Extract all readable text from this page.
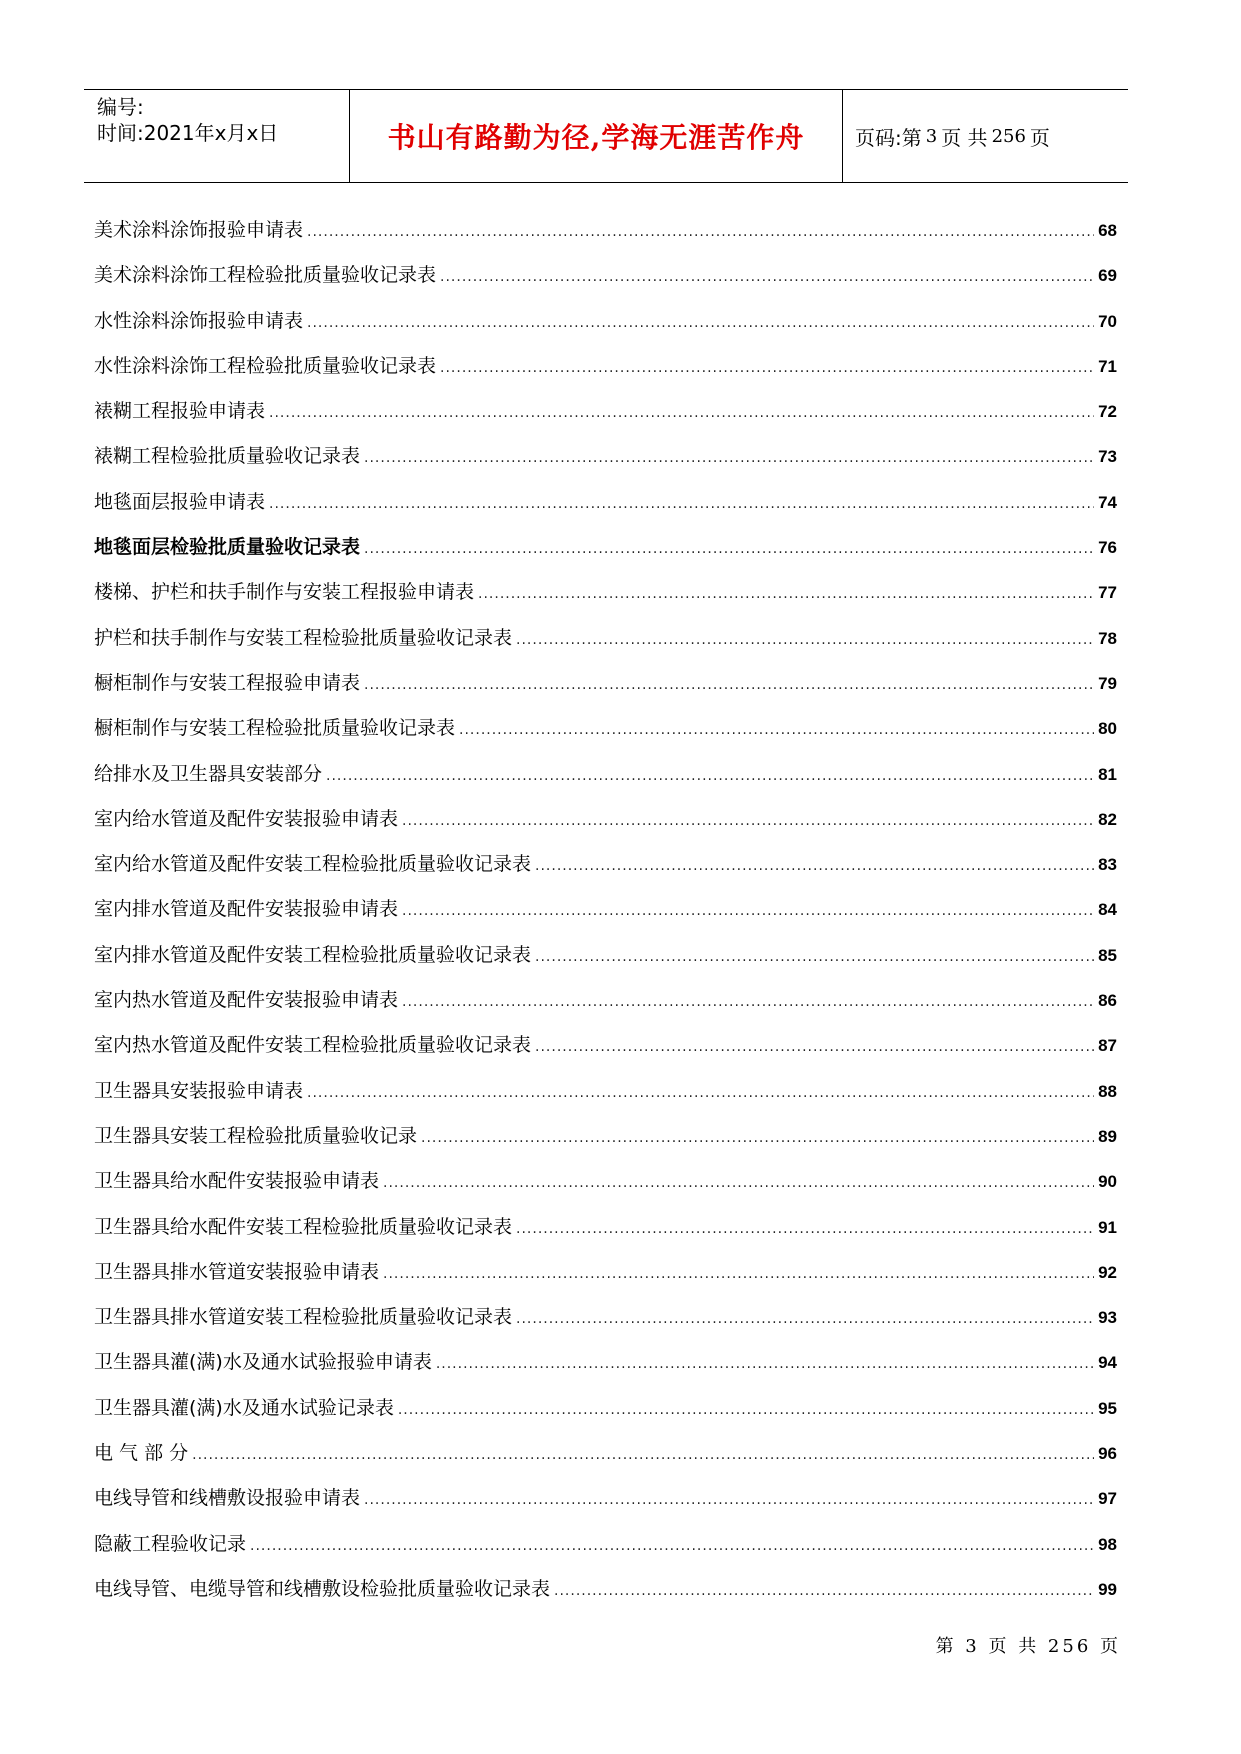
编号:
时间:2021年x月x日	书山有路勤为径,学海无涯苦作舟	页码:第 3 页 共 256 页
美术涂料涂饰报验申请表 .....	68
美术涂料涂饰工程检验批质量验收记录表 .....	69
水性涂料涂饰报验申请表 .....	70
水性涂料涂饰工程检验批质量验收记录表 .....	71
裱糊工程报验申请表 .....	72
裱糊工程检验批质量验收记录表 .....	73
地毯面层报验申请表 .....	74
地毯面层检验批质量验收记录表 .....	76
楼梯、护栏和扶手制作与安装工程报验申请表 .....	77
护栏和扶手制作与安装工程检验批质量验收记录表 .....	78
橱柜制作与安装工程报验申请表 .....	79
橱柜制作与安装工程检验批质量验收记录表 .....	80
给排水及卫生器具安装部分 .....	81
室内给水管道及配件安装报验申请表 .....	82
室内给水管道及配件安装工程检验批质量验收记录表 .....	83
室内排水管道及配件安装报验申请表 .....	84
室内排水管道及配件安装工程检验批质量验收记录表 .....	85
室内热水管道及配件安装报验申请表 .....	86
室内热水管道及配件安装工程检验批质量验收记录表 .....	87
卫生器具安装报验申请表 .....	88
卫生器具安装工程检验批质量验收记录 .....	89
卫生器具给水配件安装报验申请表 .....	90
卫生器具给水配件安装工程检验批质量验收记录表 .....	91
卫生器具排水管道安装报验申请表 .....	92
卫生器具排水管道安装工程检验批质量验收记录表 .....	93
卫生器具灌(满)水及通水试验报验申请表 .....	94
卫生器具灌(满)水及通水试验记录表 .....	95
电 气 部 分 .....	96
电线导管和线槽敷设报验申请表 .....	97
隐蔽工程验收记录 .....	98
电线导管、电缆导管和线槽敷设检验批质量验收记录表 .....	99
第 3 页 共 256 页
